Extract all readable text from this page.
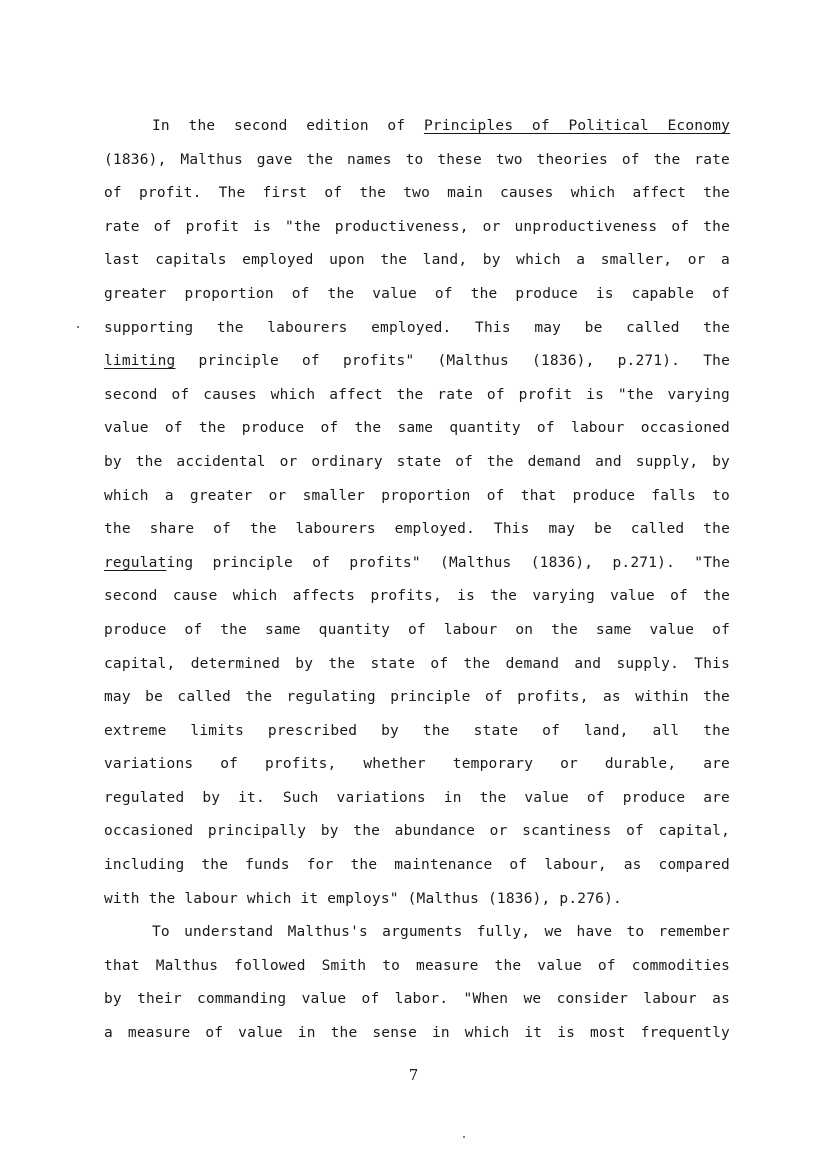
In the second edition of Principles of Political Economy
(1836), Malthus gave the names to these two theories of the rate
of profit. The first of the two main causes which affect the
rate of profit is "the productiveness, or unproductiveness of the
last capitals employed upon the land, by which a smaller, or a
greater proportion of the value of the produce is capable of
supporting the labourers employed. This may be called the
limiting principle of profits" (Malthus (1836), p.271). The
second of causes which affect the rate of profit is "the varying
value of the produce of the same quantity of labour occasioned
by the accidental or ordinary state of the demand and supply, by
which a greater or smaller proportion of that produce falls to
the share of the labourers employed. This may be called the
regulating principle of profits" (Malthus (1836), p.271). "The
second cause which affects profits, is the varying value of the
produce of the same quantity of labour on the same value of
capital, determined by the state of the demand and supply. This
may be called the regulating principle of profits, as within the
extreme limits prescribed by the state of land, all the
variations of profits, whether temporary or durable, are
regulated by it. Such variations in the value of produce are
occasioned principally by the abundance or scantiness of capital,
including the funds for the maintenance of labour, as compared
with the labour which it employs" (Malthus (1836), p.276).
To understand Malthus's arguments fully, we have to remember
that Malthus followed Smith to measure the value of commodities
by their commanding value of labor. "When we consider labour as
a measure of value in the sense in which it is most frequently
7
